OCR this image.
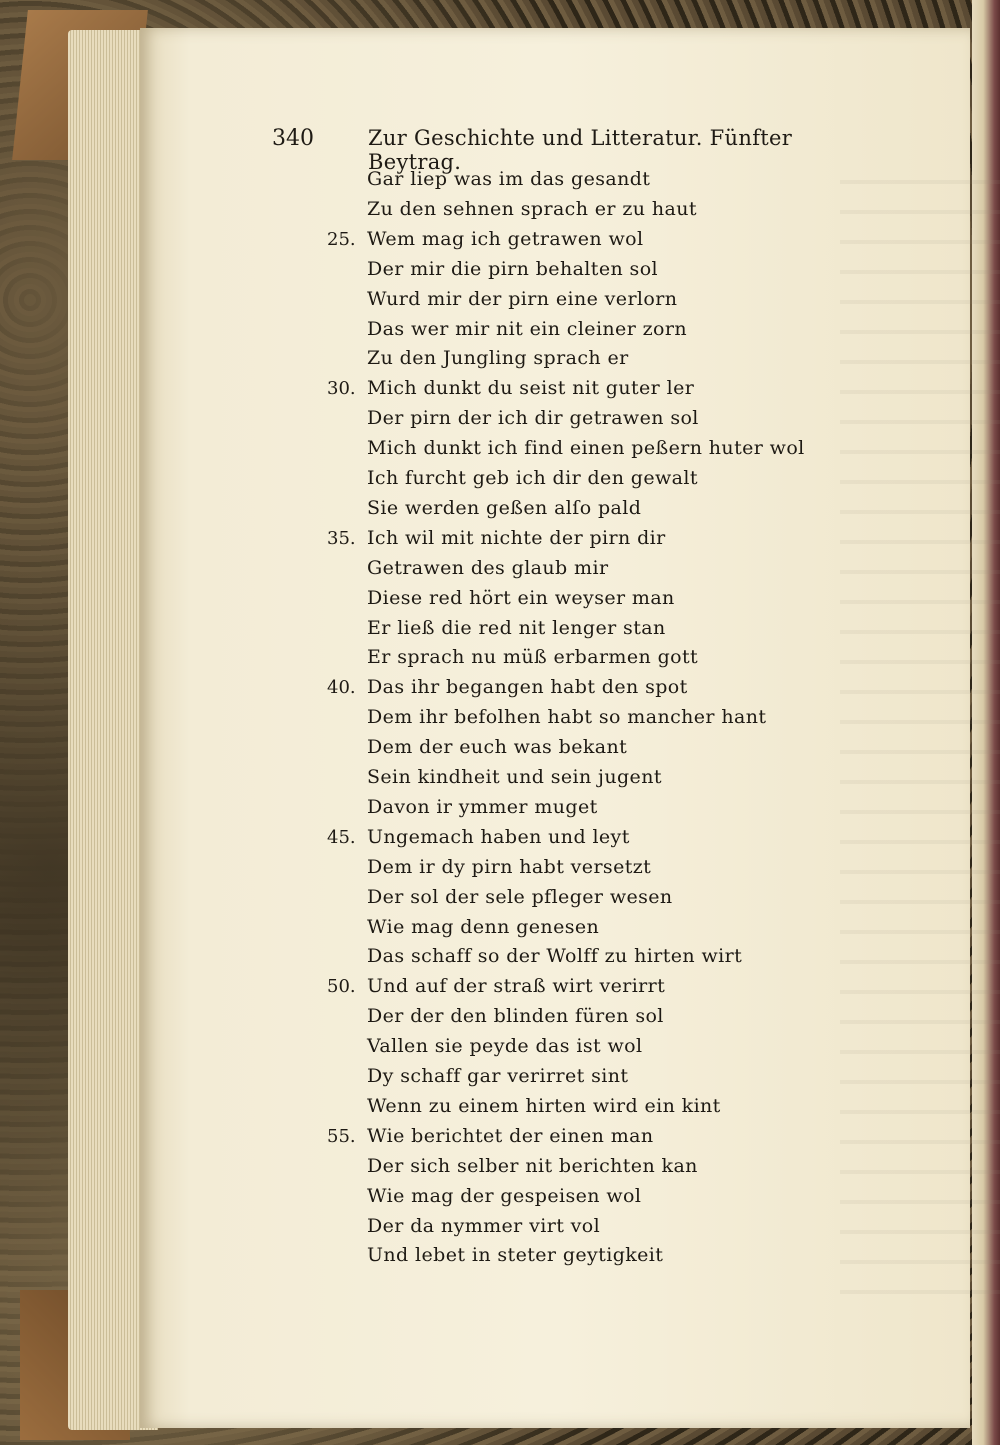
340	Zur Geschichte und Litteratur. Fünfter Beytrag.
Gar liep was im das gesandt
Zu den sehnen sprach er zu haut
Wem mag ich getrawen wol
25.
Der mir die pirn behalten sol
Wurd mir der pirn eine verlorn
Das wer mir nit ein cleiner zorn
Zu den Jungling sprach er
Mich dunkt du seist nit guter ler
30.
Der pirn der ich dir getrawen sol
Mich dunkt ich find einen peßern huter wol
Ich furcht geb ich dir den gewalt
Sie werden geßen alſo pald
Ich wil mit nichte der pirn dir
35.
Getrawen des glaub mir
Diese red hört ein weyser man
Er ließ die red nit lenger stan
Er sprach nu müß erbarmen gott
Das ihr begangen habt den spot
40.
Dem ihr befolhen habt so mancher hant
Dem der euch was bekant
Sein kindheit und sein jugent
Davon ir ymmer muget
Ungemach haben und leyt
45.
Dem ir dy pirn habt versetzt
Der sol der sele pfleger wesen
Wie mag denn genesen
Das schaff so der Wolff zu hirten wirt
Und auf der straß wirt verirrt
50.
Der der den blinden füren sol
Vallen sie peyde das ist wol
Dy schaff gar verirret sint
Wenn zu einem hirten wird ein kint
Wie berichtet der einen man
55.
Der sich selber nit berichten kan
Wie mag der gespeisen wol
Der da nymmer virt vol
Und lebet in steter geytigkeit
